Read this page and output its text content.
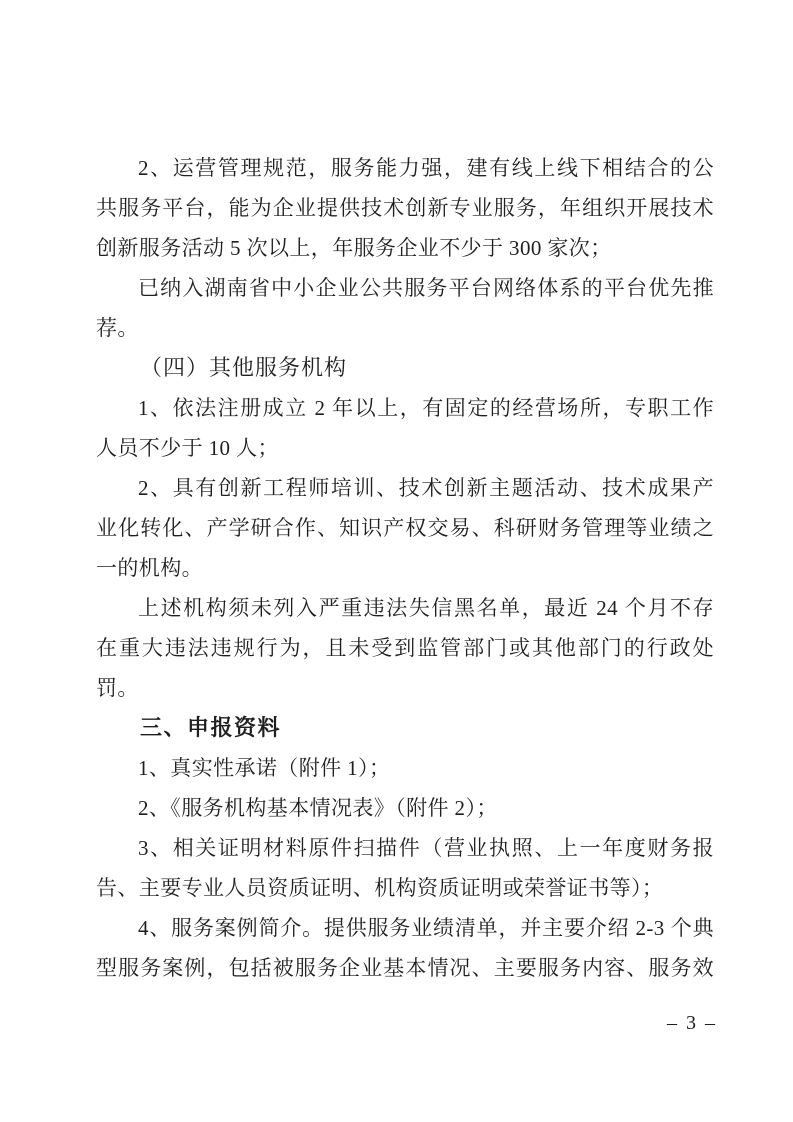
2、运营管理规范，服务能力强，建有线上线下相结合的公
共服务平台，能为企业提供技术创新专业服务，年组织开展技术
创新服务活动 5 次以上，年服务企业不少于 300 家次；
已纳入湖南省中小企业公共服务平台网络体系的平台优先推
荐。
（四）其他服务机构
1、依法注册成立 2 年以上，有固定的经营场所，专职工作
人员不少于 10 人；
2、具有创新工程师培训、技术创新主题活动、技术成果产
业化转化、产学研合作、知识产权交易、科研财务管理等业绩之
一的机构。
上述机构须未列入严重违法失信黑名单，最近 24 个月不存
在重大违法违规行为，且未受到监管部门或其他部门的行政处
罚。
三、申报资料
1、真实性承诺（附件 1）；
2、《服务机构基本情况表》（附件 2）；
3、相关证明材料原件扫描件（营业执照、上一年度财务报
告、主要专业人员资质证明、机构资质证明或荣誉证书等）；
4、服务案例简介。提供服务业绩清单，并主要介绍 2-3 个典
型服务案例，包括被服务企业基本情况、主要服务内容、服务效
– 3 –
